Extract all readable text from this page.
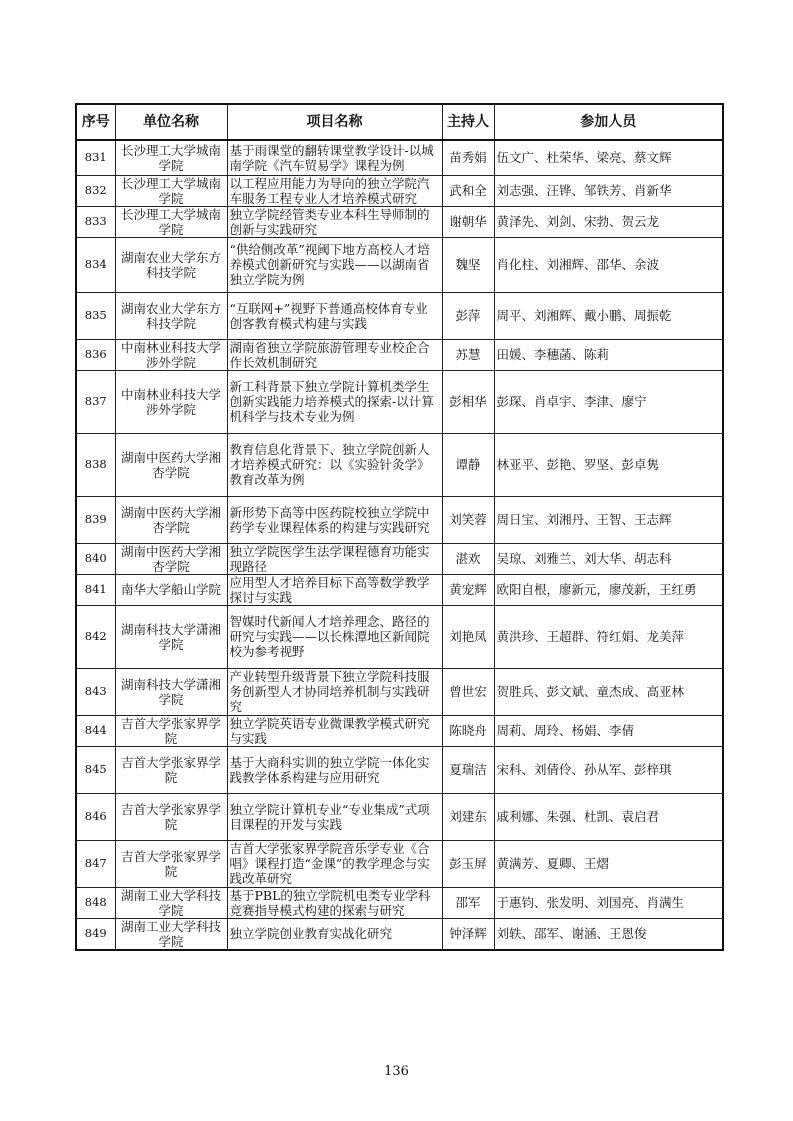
序号	单位名称	项目名称	主持人	参加人员
831	长沙理工大学城南学院	基于雨课堂的翻转课堂教学设计-以城南学院《汽车贸易学》课程为例	苗秀娟	伍文广、杜荣华、梁亮、蔡文辉
832	长沙理工大学城南学院	以工程应用能力为导向的独立学院汽车服务工程专业人才培养模式研究	武和全	刘志强、汪铧、邹铁芳、肖新华
833	长沙理工大学城南学院	独立学院经管类专业本科生导师制的创新与实践研究	谢朝华	黄泽先、刘剑、宋勃、贺云龙
834	湖南农业大学东方科技学院	“供给侧改革”视阈下地方高校人才培养模式创新研究与实践——以湖南省独立学院为例	魏坚	肖化柱、刘湘辉、邵华、余波
835	湖南农业大学东方科技学院	“互联网+”视野下普通高校体育专业创客教育模式构建与实践	彭萍	周平、刘湘辉、戴小鹏、周振乾
836	中南林业科技大学涉外学院	湖南省独立学院旅游管理专业校企合作长效机制研究	苏慧	田媛、李穗菡、陈莉
837	中南林业科技大学涉外学院	新工科背景下独立学院计算机类学生创新实践能力培养模式的探索-以计算机科学与技术专业为例	彭相华	彭琛、肖卓宇、李津、廖宁
838	湖南中医药大学湘杏学院	教育信息化背景下、独立学院创新人才培养模式研究：以《实验针灸学》教育改革为例	谭静	林亚平、彭艳、罗坚、彭卓隽
839	湖南中医药大学湘杏学院	新形势下高等中医药院校独立学院中药学专业课程体系的构建与实践研究	刘笑蓉	周日宝、刘湘丹、王智、王志辉
840	湖南中医药大学湘杏学院	独立学院医学生法学课程德育功能实现路径	湛欢	吴琼、刘雅兰、刘大华、胡志科
841	南华大学船山学院	应用型人才培养目标下高等数学教学探讨与实践	黄宠辉	欧阳自根，廖新元，廖茂新，王红勇
842	湖南科技大学潇湘学院	智媒时代新闻人才培养理念、路径的研究与实践——以长株潭地区新闻院校为参考视野	刘艳凤	黄洪珍、王超群、符红娟、龙美萍
843	湖南科技大学潇湘学院	产业转型升级背景下独立学院科技服务创新型人才协同培养机制与实践研究	曾世宏	贺胜兵、彭文斌、童杰成、高亚林
844	吉首大学张家界学院	独立学院英语专业微课教学模式研究与实践	陈晓舟	周莉、周玲、杨娟、李倩
845	吉首大学张家界学院	基于大商科实训的独立学院一体化实践教学体系构建与应用研究	夏瑞洁	宋科、刘倩伶、孙从军、彭梓琪
846	吉首大学张家界学院	独立学院计算机专业“专业集成”式项目课程的开发与实践	刘建东	戚利娜、朱强、杜凯、袁启君
847	吉首大学张家界学院	吉首大学张家界学院音乐学专业《合唱》课程打造“金课”的教学理念与实践改革研究	彭玉屏	黄满芳、夏卿、王熠
848	湖南工业大学科技学院	基于PBL的独立学院机电类专业学科竞赛指导模式构建的探索与研究	邵军	于惠钧、张发明、刘国亮、肖满生
849	湖南工业大学科技学院	独立学院创业教育实战化研究	钟泽辉	刘轶、邵军、谢涵、王恩俊
136
